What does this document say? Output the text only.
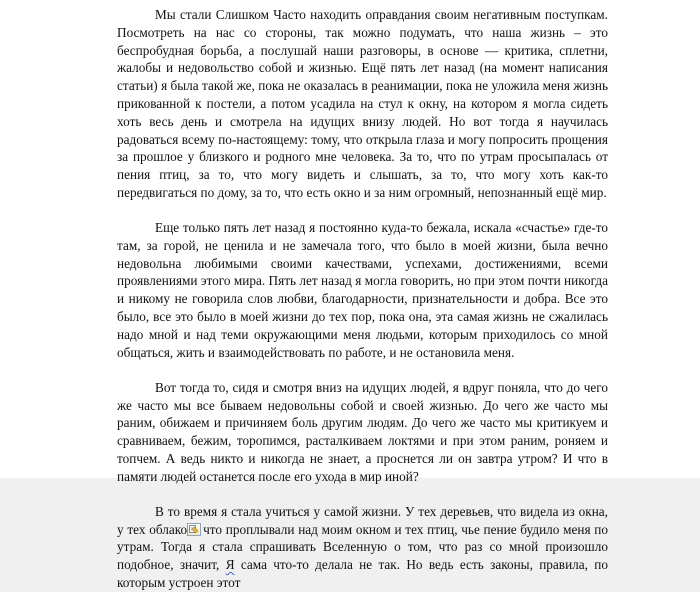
Мы стали Слишком Часто находить оправдания своим негативным поступкам. Посмотреть на нас со стороны, так можно подумать, что наша жизнь – это беспробудная борьба, а послушай наши разговоры, в основе — критика, сплетни, жалобы и недовольство собой и жизнью. Ещё пять лет назад (на момент написания статьи) я была такой же, пока не оказалась в реанимации, пока не уложила меня жизнь прикованной к постели, а потом усадила на стул к окну, на котором я могла сидеть хоть весь день и смотрела на идущих внизу людей. Но вот тогда я научилась радоваться всему по-настоящему: тому, что открыла глаза и могу попросить прощения за прошлое у близкого и родного мне человека. За то, что по утрам просыпалась от пения птиц, за то, что могу видеть и слышать, за то, что могу хоть как-то передвигаться по дому, за то, что есть окно и за ним огромный, непознанный ещё мир.

Еще только пять лет назад я постоянно куда-то бежала, искала «счастье» где-то там, за горой, не ценила и не замечала того, что было в моей жизни, была вечно недовольна любимыми своими качествами, успехами, достижениями, всеми проявлениями этого мира. Пять лет назад я могла говорить, но при этом почти никогда и никому не говорила слов любви, благодарности, признательности и добра. Все это было, все это было в моей жизни до тех пор, пока она, эта самая жизнь не сжалилась надо мной и над теми окружающими меня людьми, которым приходилось со мной общаться, жить и взаимодействовать по работе, и не остановила меня.

Вот тогда то, сидя и смотря вниз на идущих людей, я вдруг поняла, что до чего же часто мы все бываем недовольны собой и своей жизнью. До чего же часто мы раним, обижаем и причиняем боль другим людям. До чего же часто мы критикуем и сравниваем, бежим, торопимся, расталкиваем локтями и при этом раним, роняем и топчем. А ведь никто и никогда не знает, а проснется ли он завтра утром? И что в памяти людей останется после его ухода в мир иной?

В то время я стала учиться у самой жизни. У тех деревьев, что видела из окна, у тех облако что проплывали над моим окном и тех птиц, чье пение будило меня по утрам. Тогда я стала спрашивать Вселенную о том, что раз со мной произошло подобное, значит, Я сама что-то делала не так. Но ведь есть законы, правила, по которым устроен этот
